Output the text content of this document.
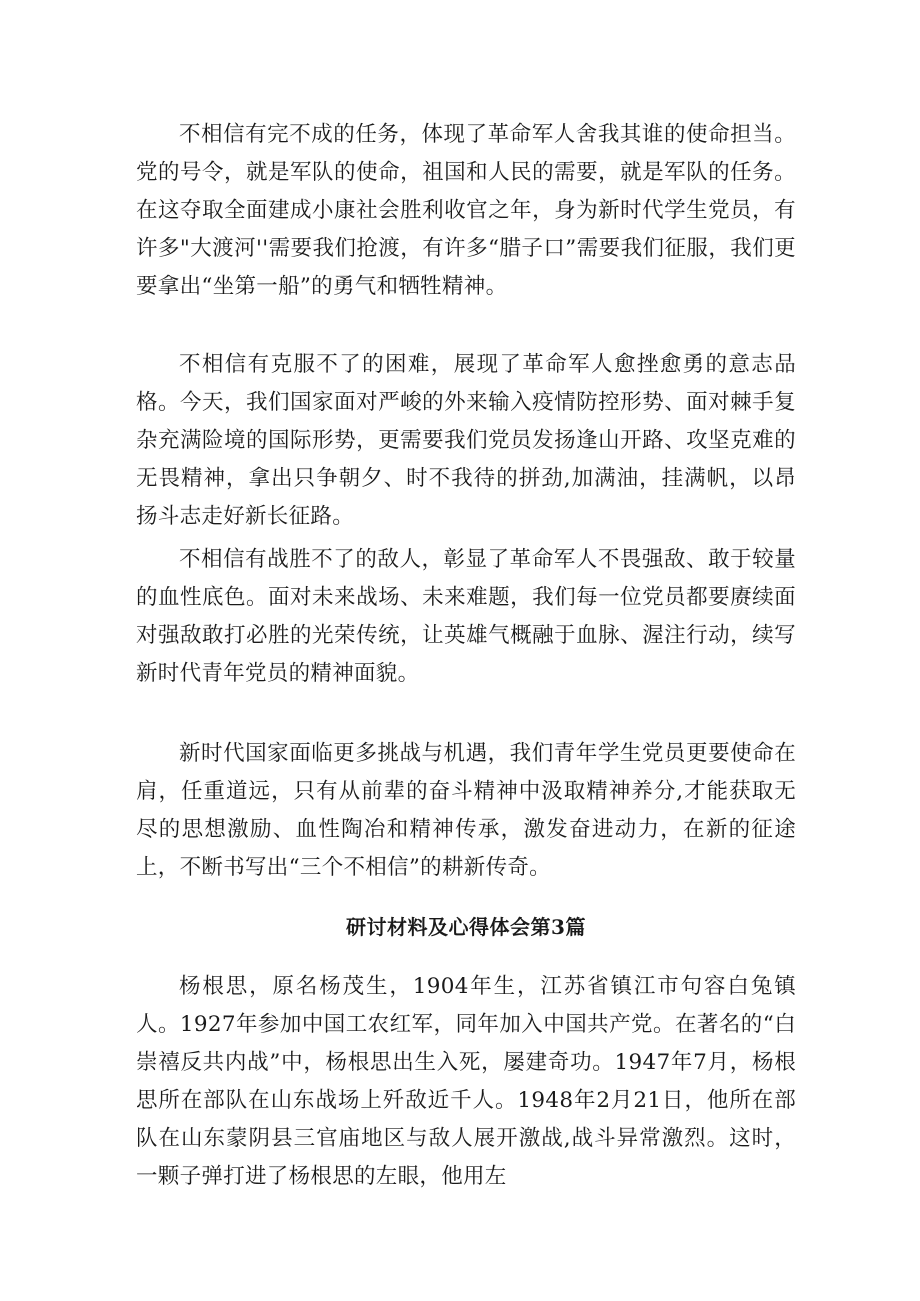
不相信有完不成的任务，体现了革命军人舍我其谁的使命担当。党的号令，就是军队的使命，祖国和人民的需要，就是军队的任务。在这夺取全面建成小康社会胜利收官之年，身为新时代学生党员，有许多"大渡河''需要我们抢渡，有许多“腊子口”需要我们征服，我们更要拿出“坐第一船”的勇气和牺牲精神。

不相信有克服不了的困难，展现了革命军人愈挫愈勇的意志品格。今天，我们国家面对严峻的外来输入疫情防控形势、面对棘手复杂充满险境的国际形势，更需要我们党员发扬逢山开路、攻坚克难的无畏精神，拿出只争朝夕、时不我待的拼劲,加满油，挂满帆，以昂扬斗志走好新长征路。

不相信有战胜不了的敌人，彰显了革命军人不畏强敌、敢于较量的血性底色。面对未来战场、未来难题，我们每一位党员都要赓续面对强敌敢打必胜的光荣传统，让英雄气概融于血脉、渥注行动，续写新时代青年党员的精神面貌。

新时代国家面临更多挑战与机遇，我们青年学生党员更要使命在肩，任重道远，只有从前辈的奋斗精神中汲取精神养分,才能获取无尽的思想激励、血性陶冶和精神传承，激发奋进动力，在新的征途上，不断书写出“三个不相信”的耕新传奇。

研讨材料及心得体会第3篇

杨根思，原名杨茂生，1904年生，江苏省镇江市句容白兔镇人。1927年参加中国工农红军，同年加入中国共产党。在著名的“白崇禧反共内战”中，杨根思出生入死，屡建奇功。1947年7月，杨根思所在部队在山东战场上歼敌近千人。1948年2月21日，他所在部队在山东蒙阴县三官庙地区与敌人展开激战,战斗异常激烈。这时，一颗子弹打进了杨根思的左眼，他用左
